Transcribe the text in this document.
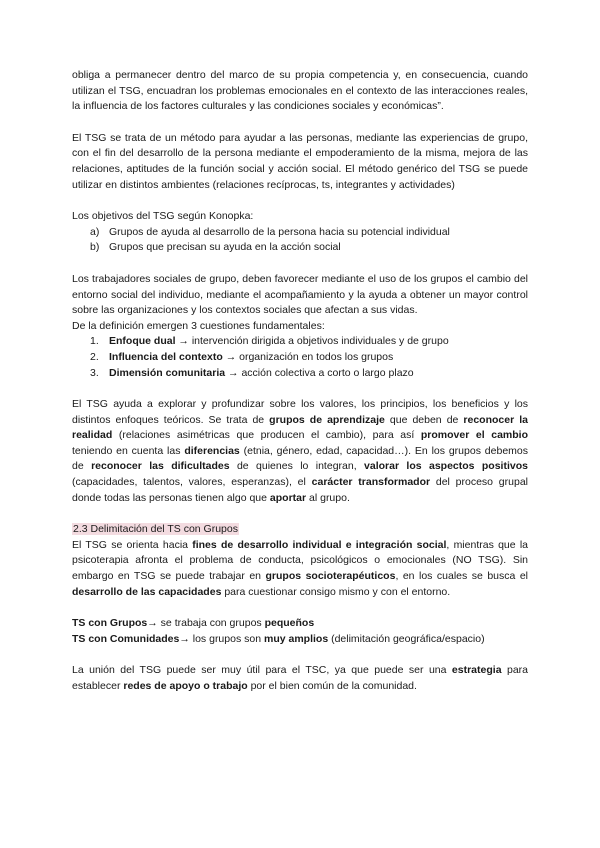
obliga a permanecer dentro del marco de su propia competencia y, en consecuencia, cuando utilizan el TSG, encuadran los problemas emocionales en el contexto de las interacciones reales, la influencia de los factores culturales y las condiciones sociales y económicas”.

El TSG se trata de un método para ayudar a las personas, mediante las experiencias de grupo, con el fin del desarrollo de la persona mediante el empoderamiento de la misma, mejora de las relaciones, aptitudes de la función social y acción social. El método genérico del TSG se puede utilizar en distintos ambientes (relaciones recíprocas, ts, integrantes y actividades)

Los objetivos del TSG según Konopka:

a) Grupos de ayuda al desarrollo de la persona hacia su potencial individual
b) Grupos que precisan su ayuda en la acción social

Los trabajadores sociales de grupo, deben favorecer mediante el uso de los grupos el cambio del entorno social del individuo, mediante el acompañamiento y la ayuda a obtener un mayor control sobre las organizaciones y los contextos sociales que afectan a sus vidas.

De la definición emergen 3 cuestiones fundamentales:

1. Enfoque dual → intervención dirigida a objetivos individuales y de grupo
2. Influencia del contexto → organización en todos los grupos
3. Dimensión comunitaria → acción colectiva a corto o largo plazo

El TSG ayuda a explorar y profundizar sobre los valores, los principios, los beneficios y los distintos enfoques teóricos. Se trata de grupos de aprendizaje que deben de reconocer la realidad (relaciones asimétricas que producen el cambio), para así promover el cambio teniendo en cuenta las diferencias (etnia, género, edad, capacidad…). En los grupos debemos de reconocer las dificultades de quienes lo integran, valorar los aspectos positivos (capacidades, talentos, valores, esperanzas), el carácter transformador del proceso grupal donde todas las personas tienen algo que aportar al grupo.

2.3 Delimitación del TS con Grupos

El TSG se orienta hacia fines de desarrollo individual e integración social, mientras que la psicoterapia afronta el problema de conducta, psicológicos o emocionales (NO TSG). Sin embargo en TSG se puede trabajar en grupos socioterapéuticos, en los cuales se busca el desarrollo de las capacidades para cuestionar consigo mismo y con el entorno.

TS con Grupos→ se trabaja con grupos pequeños

TS con Comunidades→ los grupos son muy amplios (delimitación geográfica/espacio)

La unión del TSG puede ser muy útil para el TSC, ya que puede ser una estrategia para establecer redes de apoyo o trabajo por el bien común de la comunidad.
